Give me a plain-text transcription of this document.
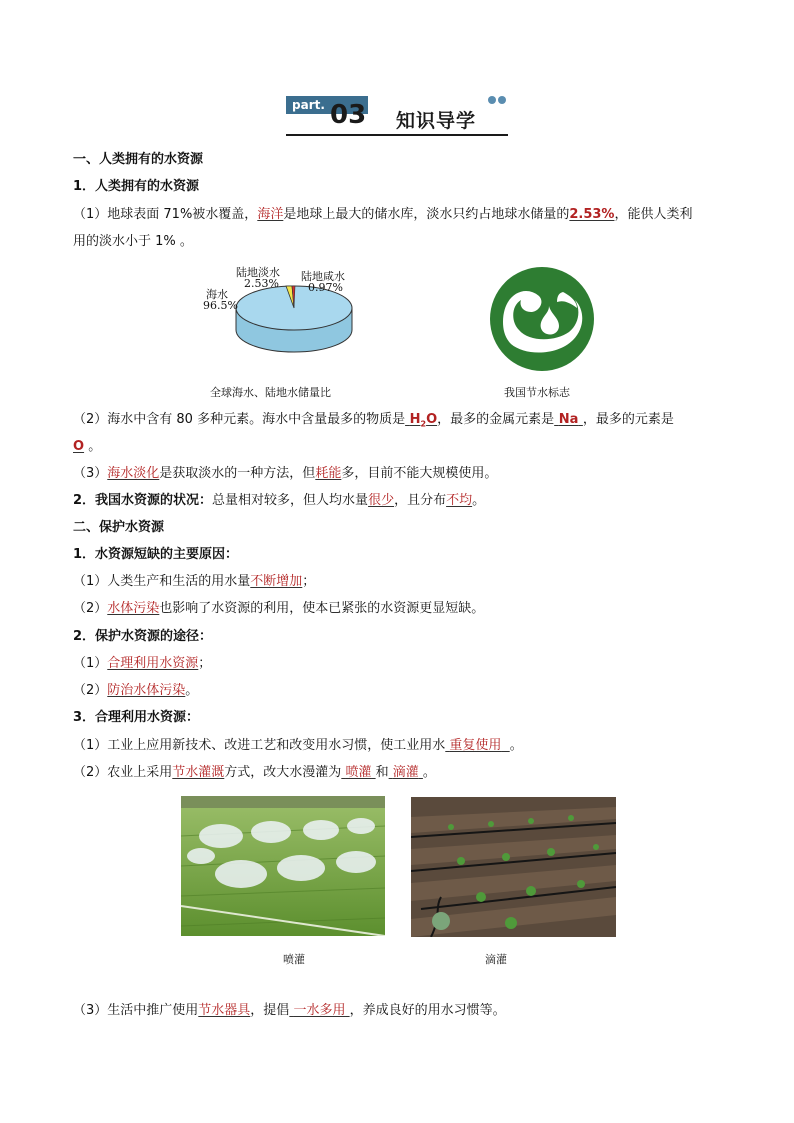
part. 03 知识导学
一、人类拥有的水资源
1．人类拥有的水资源
（1）地球表面 71%被水覆盖，海洋是地球上最大的储水库，淡水只约占地球水储量的2.53%，能供人类利
用的淡水小于 1% 。
海水
96.5%
陆地淡水
2.53%
陆地咸水
0.97%
全球海水、陆地水储量比	我国节水标志
（2）海水中含有 80 多种元素。海水中含量最多的物质是 $H_2O$，最多的金属元素是 Na ，最多的元素是
O 。
（3）海水淡化是获取淡水的一种方法，但耗能多，目前不能大规模使用。
2．我国水资源的状况：总量相对较多，但人均水量很少，且分布不均。
二、保护水资源
1．水资源短缺的主要原因：
（1）人类生产和生活的用水量不断增加；
（2）水体污染也影响了水资源的利用，使本已紧张的水资源更显短缺。
2．保护水资源的途径：
（1）合理利用水资源；
（2）防治水体污染。
3．合理利用水资源：
（1）工业上应用新技术、改进工艺和改变用水习惯，使工业用水 重复使用 。
（2）农业上采用节水灌溉方式，改大水漫灌为 喷灌 和 滴灌 。
喷灌	滴灌
（3）生活中推广使用节水器具，提倡 一水多用 ，养成良好的用水习惯等。
